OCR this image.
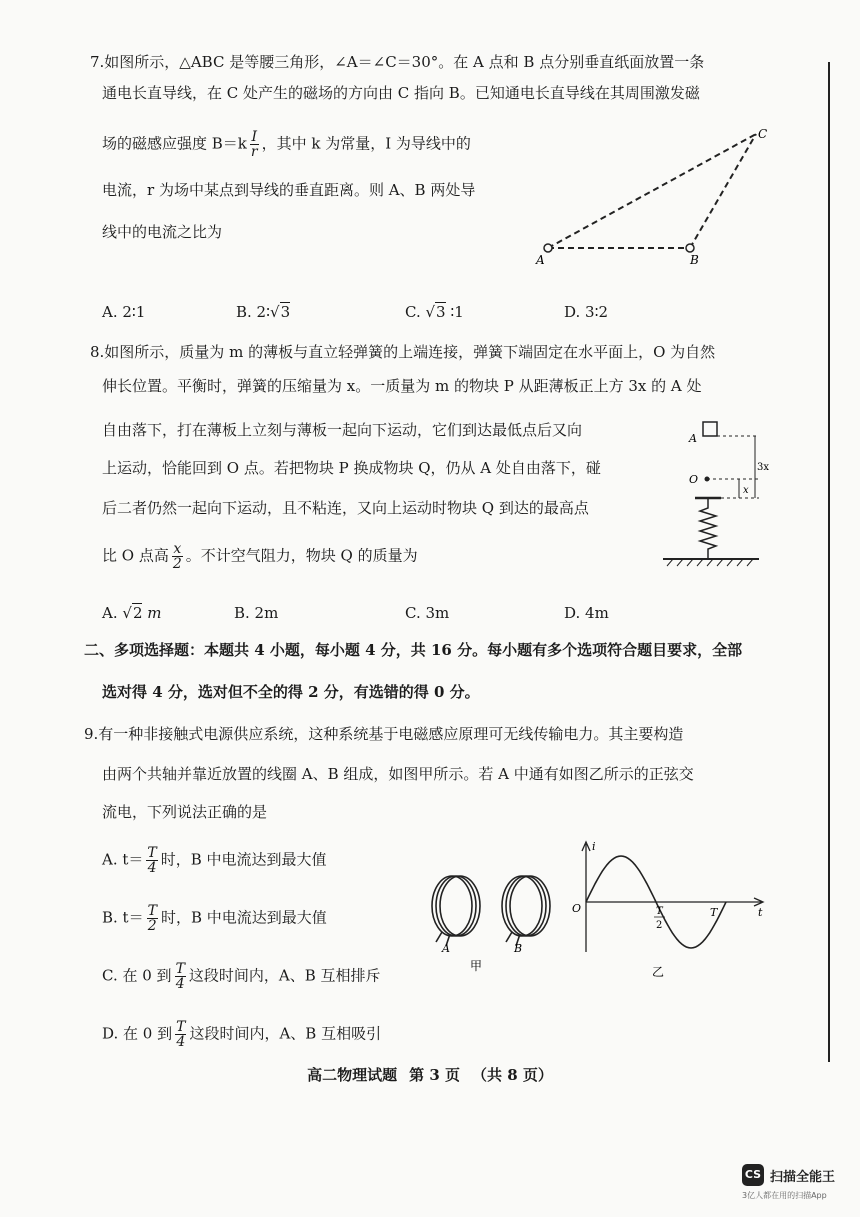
7.如图所示，△ABC 是等腰三角形，∠A＝∠C＝30°。在 A 点和 B 点分别垂直纸面放置一条
通电长直导线，在 C 处产生的磁场的方向由 C 指向 B。已知通电长直导线在其周围激发磁
场的磁感应强度 $B=k \frac{I}{r}$ ，其中 k 为常量，I 为导线中的
电流，r 为场中某点到导线的垂直距离。则 A、B 两处导
线中的电流之比为
A	B
C
A. 2∶1	B. 2∶√3	C. √3 ∶1	D. 3∶2
8.如图所示，质量为 m 的薄板与直立轻弹簧的上端连接，弹簧下端固定在水平面上，O 为自然
伸长位置。平衡时，弹簧的压缩量为 x。一质量为 m 的物块 P 从距薄板正上方 3x 的 A 处
自由落下，打在薄板上立刻与薄板一起向下运动，它们到达最低点后又向
上运动，恰能回到 O 点。若把物块 P 换成物块 Q，仍从 A 处自由落下，碰
后二者仍然一起向下运动，且不粘连，又向上运动时物块 Q 到达的最高点
比 O 点高 $\frac{x}{2}$ 。不计空气阻力，物块 Q 的质量为
A
O
3x
x
A. √2 m	B. 2m	C. 3m	D. 4m
二、多项选择题：本题共 4 小题，每小题 4 分，共 16 分。每小题有多个选项符合题目要求，全部
选对得 4 分，选对但不全的得 2 分，有选错的得 0 分。
9.有一种非接触式电源供应系统，这种系统基于电磁感应原理可无线传输电力。其主要构造
由两个共轴并靠近放置的线圈 A、B 组成，如图甲所示。若 A 中通有如图乙所示的正弦交
流电，下列说法正确的是
A. $t= \frac{T}{4}$ 时，B 中电流达到最大值
B. $t= \frac{T}{2}$ 时，B 中电流达到最大值
C. 在 0 到 $\frac{T}{4}$ 这段时间内，A、B 互相排斥
D. 在 0 到 $\frac{T}{4}$ 这段时间内，A、B 互相吸引
A	B
甲
i
t
O	T
2
T
乙
高二物理试题 第 3 页 （共 8 页）
CS 扫描全能王
3亿人都在用的扫描App
